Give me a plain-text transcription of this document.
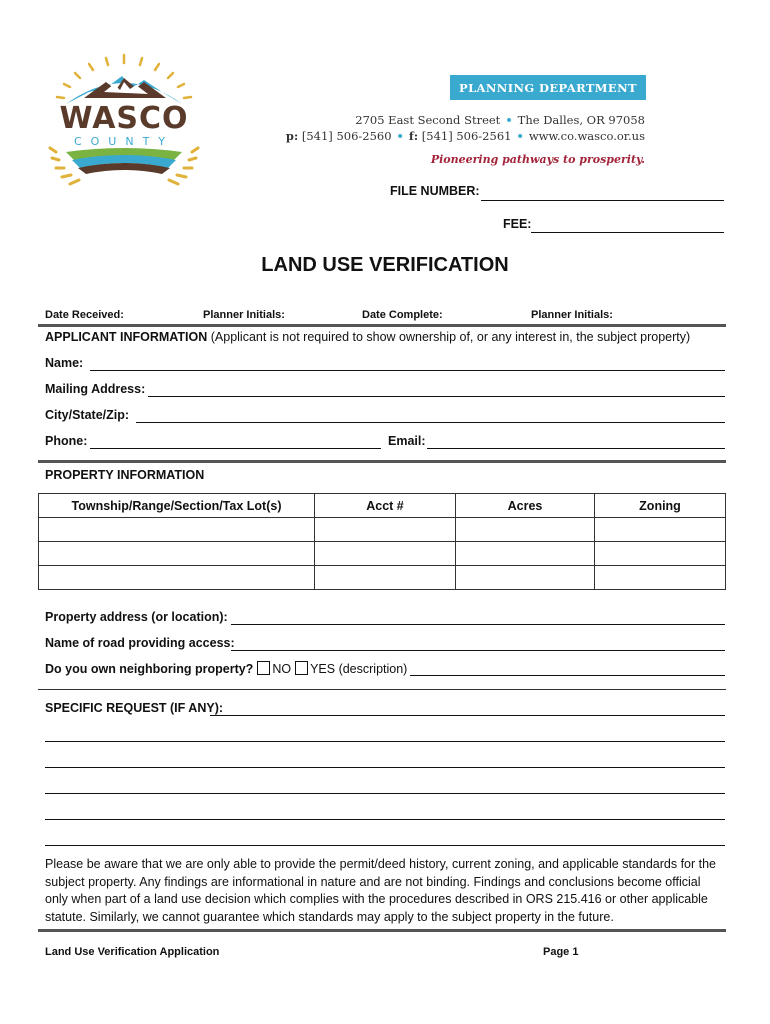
WASCO
COUNTY
PLANNING DEPARTMENT
2705 East Second Street • The Dalles, OR 97058
p: [541] 506-2560 • f: [541] 506-2561 • www.co.wasco.or.us
Pioneering pathways to prosperity.
FILE NUMBER:
FEE:
LAND USE VERIFICATION
Date Received:	Planner Initials:	Date Complete:	Planner Initials:
APPLICANT INFORMATION (Applicant is not required to show ownership of, or any interest in, the subject property)
Name:
Mailing Address:
City/State/Zip:
Phone:	Email:
PROPERTY INFORMATION
Township/Range/Section/Tax Lot(s)	Acct #	Acres	Zoning

Property address (or location):
Name of road providing access:
Do you own neighboring property? NO YES (description)
SPECIFIC REQUEST (IF ANY):
Please be aware that we are only able to provide the permit/deed history, current zoning, and applicable standards for the subject property. Any findings are informational in nature and are not binding. Findings and conclusions become official only when part of a land use decision which complies with the procedures described in ORS 215.416 or other applicable statute. Similarly, we cannot guarantee which standards may apply to the subject property in the future.
Land Use Verification Application	Page 1
